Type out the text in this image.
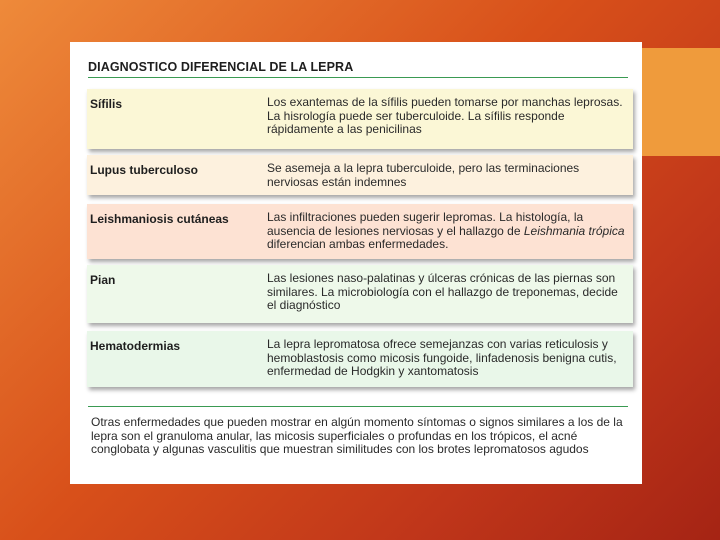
DIAGNOSTICO DIFERENCIAL DE LA LEPRA
Sífilis	Los exantemas de la sífilis pueden tomarse por manchas leprosas. La hisrología puede ser tuberculoide. La sífilis responde rápidamente a las penicilinas
Lupus tuberculoso	Se asemeja a la lepra tuberculoide, pero las terminaciones nerviosas están indemnes
Leishmaniosis cutáneas	Las infiltraciones pueden sugerir lepromas. La histología, la ausencia de lesiones nerviosas y el hallazgo de Leishmania trópica diferencian ambas enfermedades.
Pian	Las lesiones naso-palatinas y úlceras crónicas de las piernas son similares. La microbiología con el hallazgo de treponemas, decide el diagnóstico
Hematodermias	La lepra lepromatosa ofrece semejanzas con varias reticulosis y hemoblastosis como micosis fungoide, linfadenosis benigna cutis, enfermedad de Hodgkin y xantomatosis
Otras enfermedades que pueden mostrar en algún momento síntomas o signos similares a los de la lepra son el granuloma anular, las micosis superficiales o profundas en los trópicos, el acné conglobata y algunas vasculitis que muestran similitudes con los brotes lepromatosos agudos
